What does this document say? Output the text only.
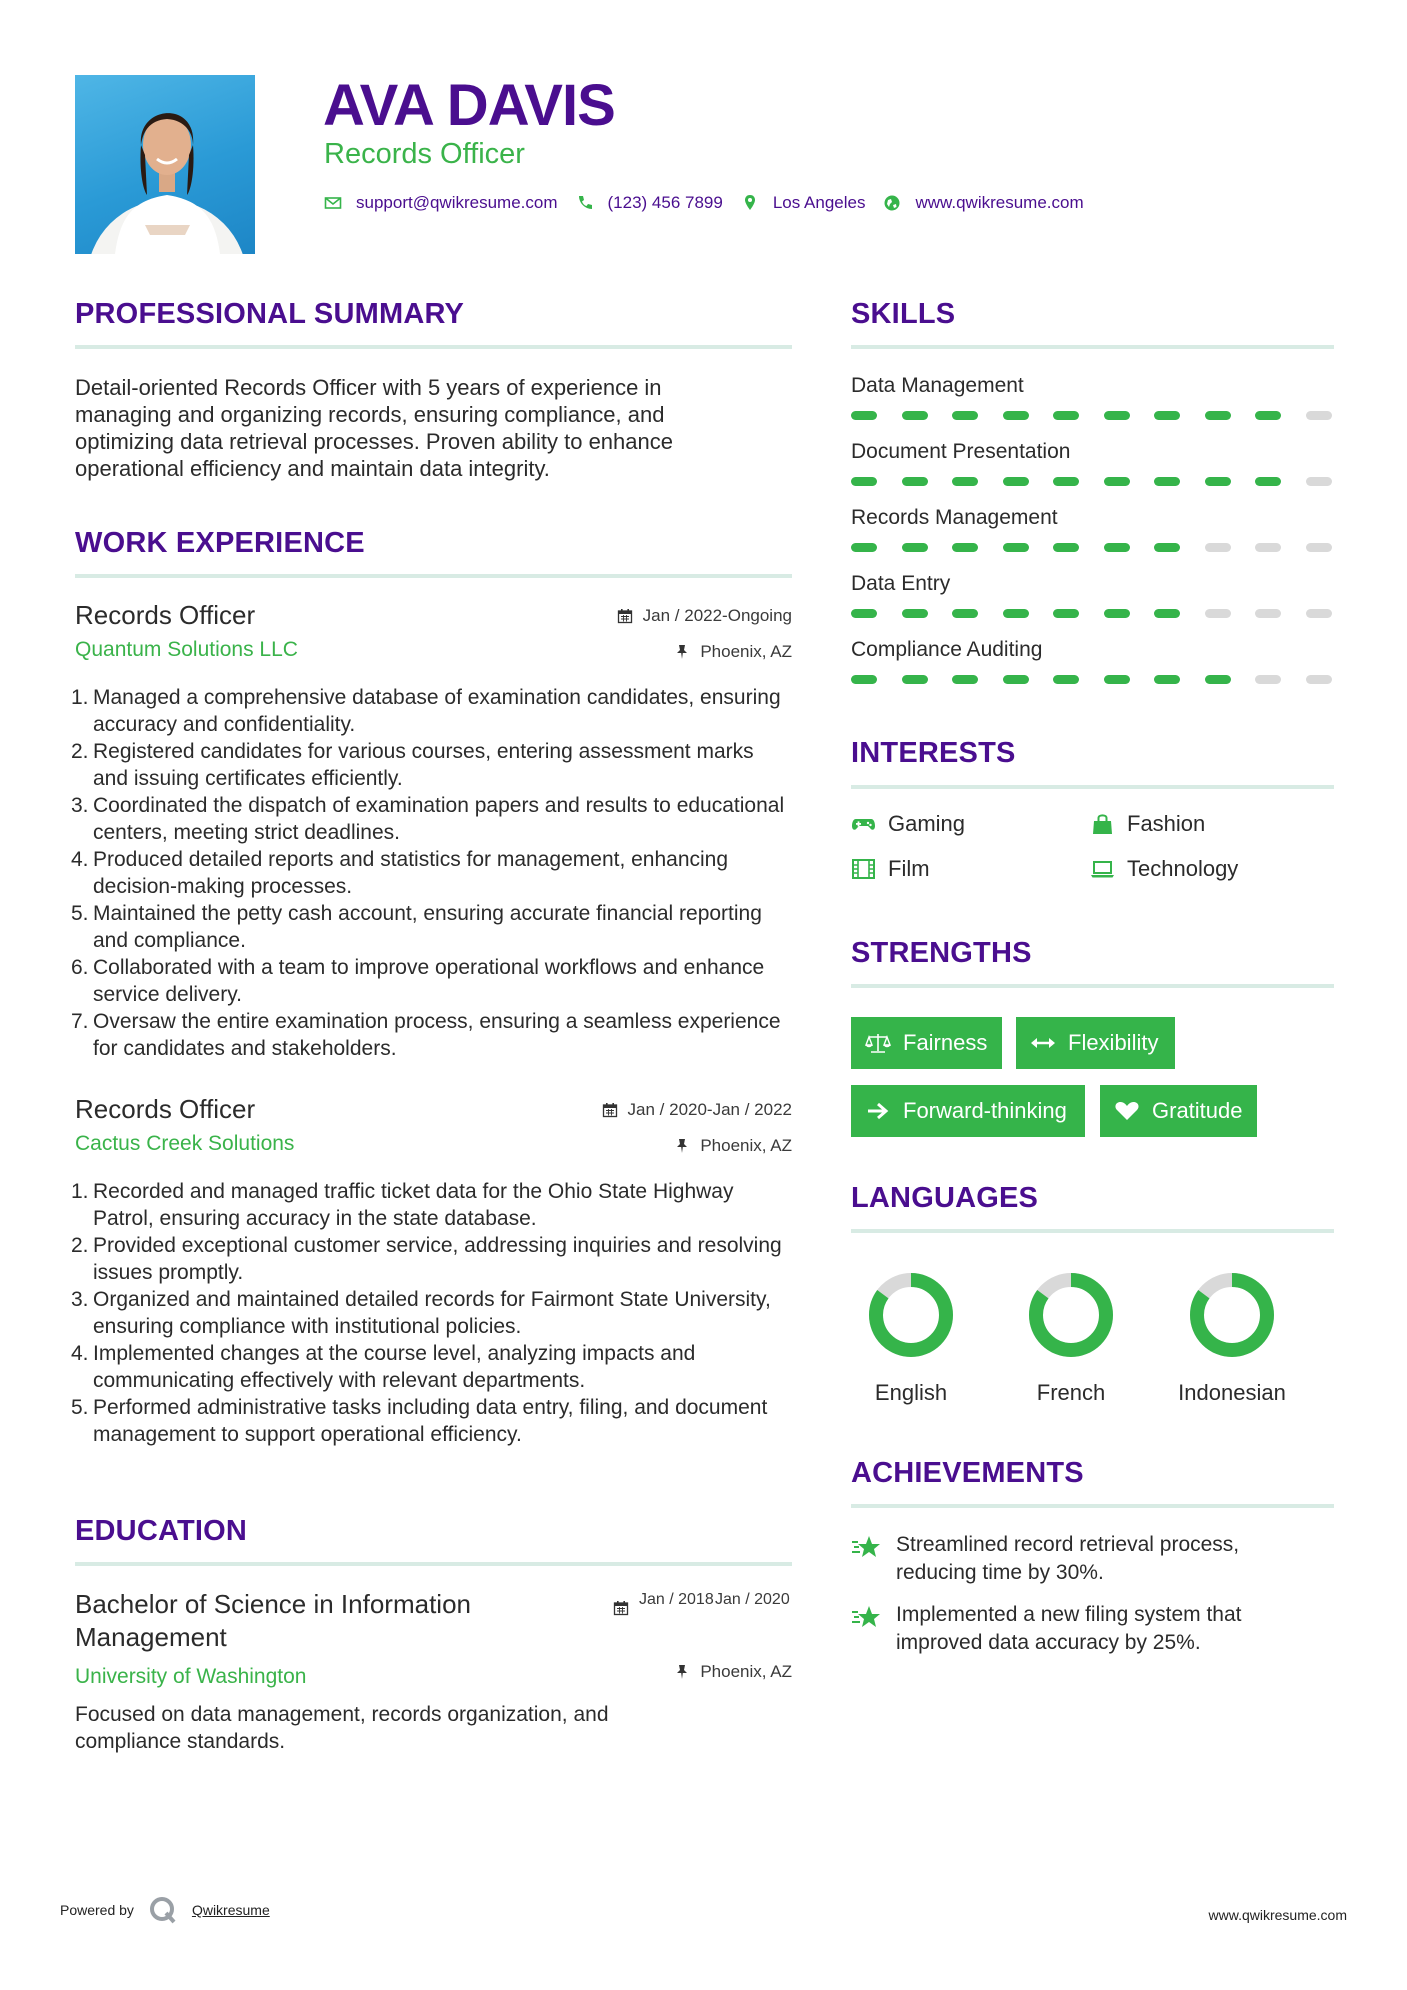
AVA DAVIS
Records Officer
support@qwikresume.com	(123) 456 7899	Los Angeles	www.qwikresume.com
PROFESSIONAL SUMMARY
Detail-oriented Records Officer with 5 years of experience in managing and organizing records, ensuring compliance, and optimizing data retrieval processes. Proven ability to enhance operational efficiency and maintain data integrity.
WORK EXPERIENCE
Records Officer
Quantum Solutions LLC
Jan / 2022-Ongoing
Phoenix, AZ
1. Managed a comprehensive database of examination candidates, ensuring accuracy and confidentiality.
2. Registered candidates for various courses, entering assessment marks and issuing certificates efficiently.
3. Coordinated the dispatch of examination papers and results to educational centers, meeting strict deadlines.
4. Produced detailed reports and statistics for management, enhancing decision-making processes.
5. Maintained the petty cash account, ensuring accurate financial reporting and compliance.
6. Collaborated with a team to improve operational workflows and enhance service delivery.
7. Oversaw the entire examination process, ensuring a seamless experience for candidates and stakeholders.
Records Officer
Cactus Creek Solutions
Jan / 2020-Jan / 2022
Phoenix, AZ
1. Recorded and managed traffic ticket data for the Ohio State Highway Patrol, ensuring accuracy in the state database.
2. Provided exceptional customer service, addressing inquiries and resolving issues promptly.
3. Organized and maintained detailed records for Fairmont State University, ensuring compliance with institutional policies.
4. Implemented changes at the course level, analyzing impacts and communicating effectively with relevant departments.
5. Performed administrative tasks including data entry, filing, and document management to support operational efficiency.
EDUCATION
Bachelor of Science in Information Management
University of Washington
Jan / 2018 Jan / 2020
Phoenix, AZ
Focused on data management, records organization, and compliance standards.
SKILLS
Data Management
Document Presentation
Records Management
Data Entry
Compliance Auditing
INTERESTS
Gaming	Fashion
Film	Technology
STRENGTHS
Fairness	Flexibility
Forward-thinking	Gratitude
LANGUAGES
English	French	Indonesian
ACHIEVEMENTS
Streamlined record retrieval process, reducing time by 30%.
Implemented a new filing system that improved data accuracy by 25%.
Powered by	Qwikresume	www.qwikresume.com
